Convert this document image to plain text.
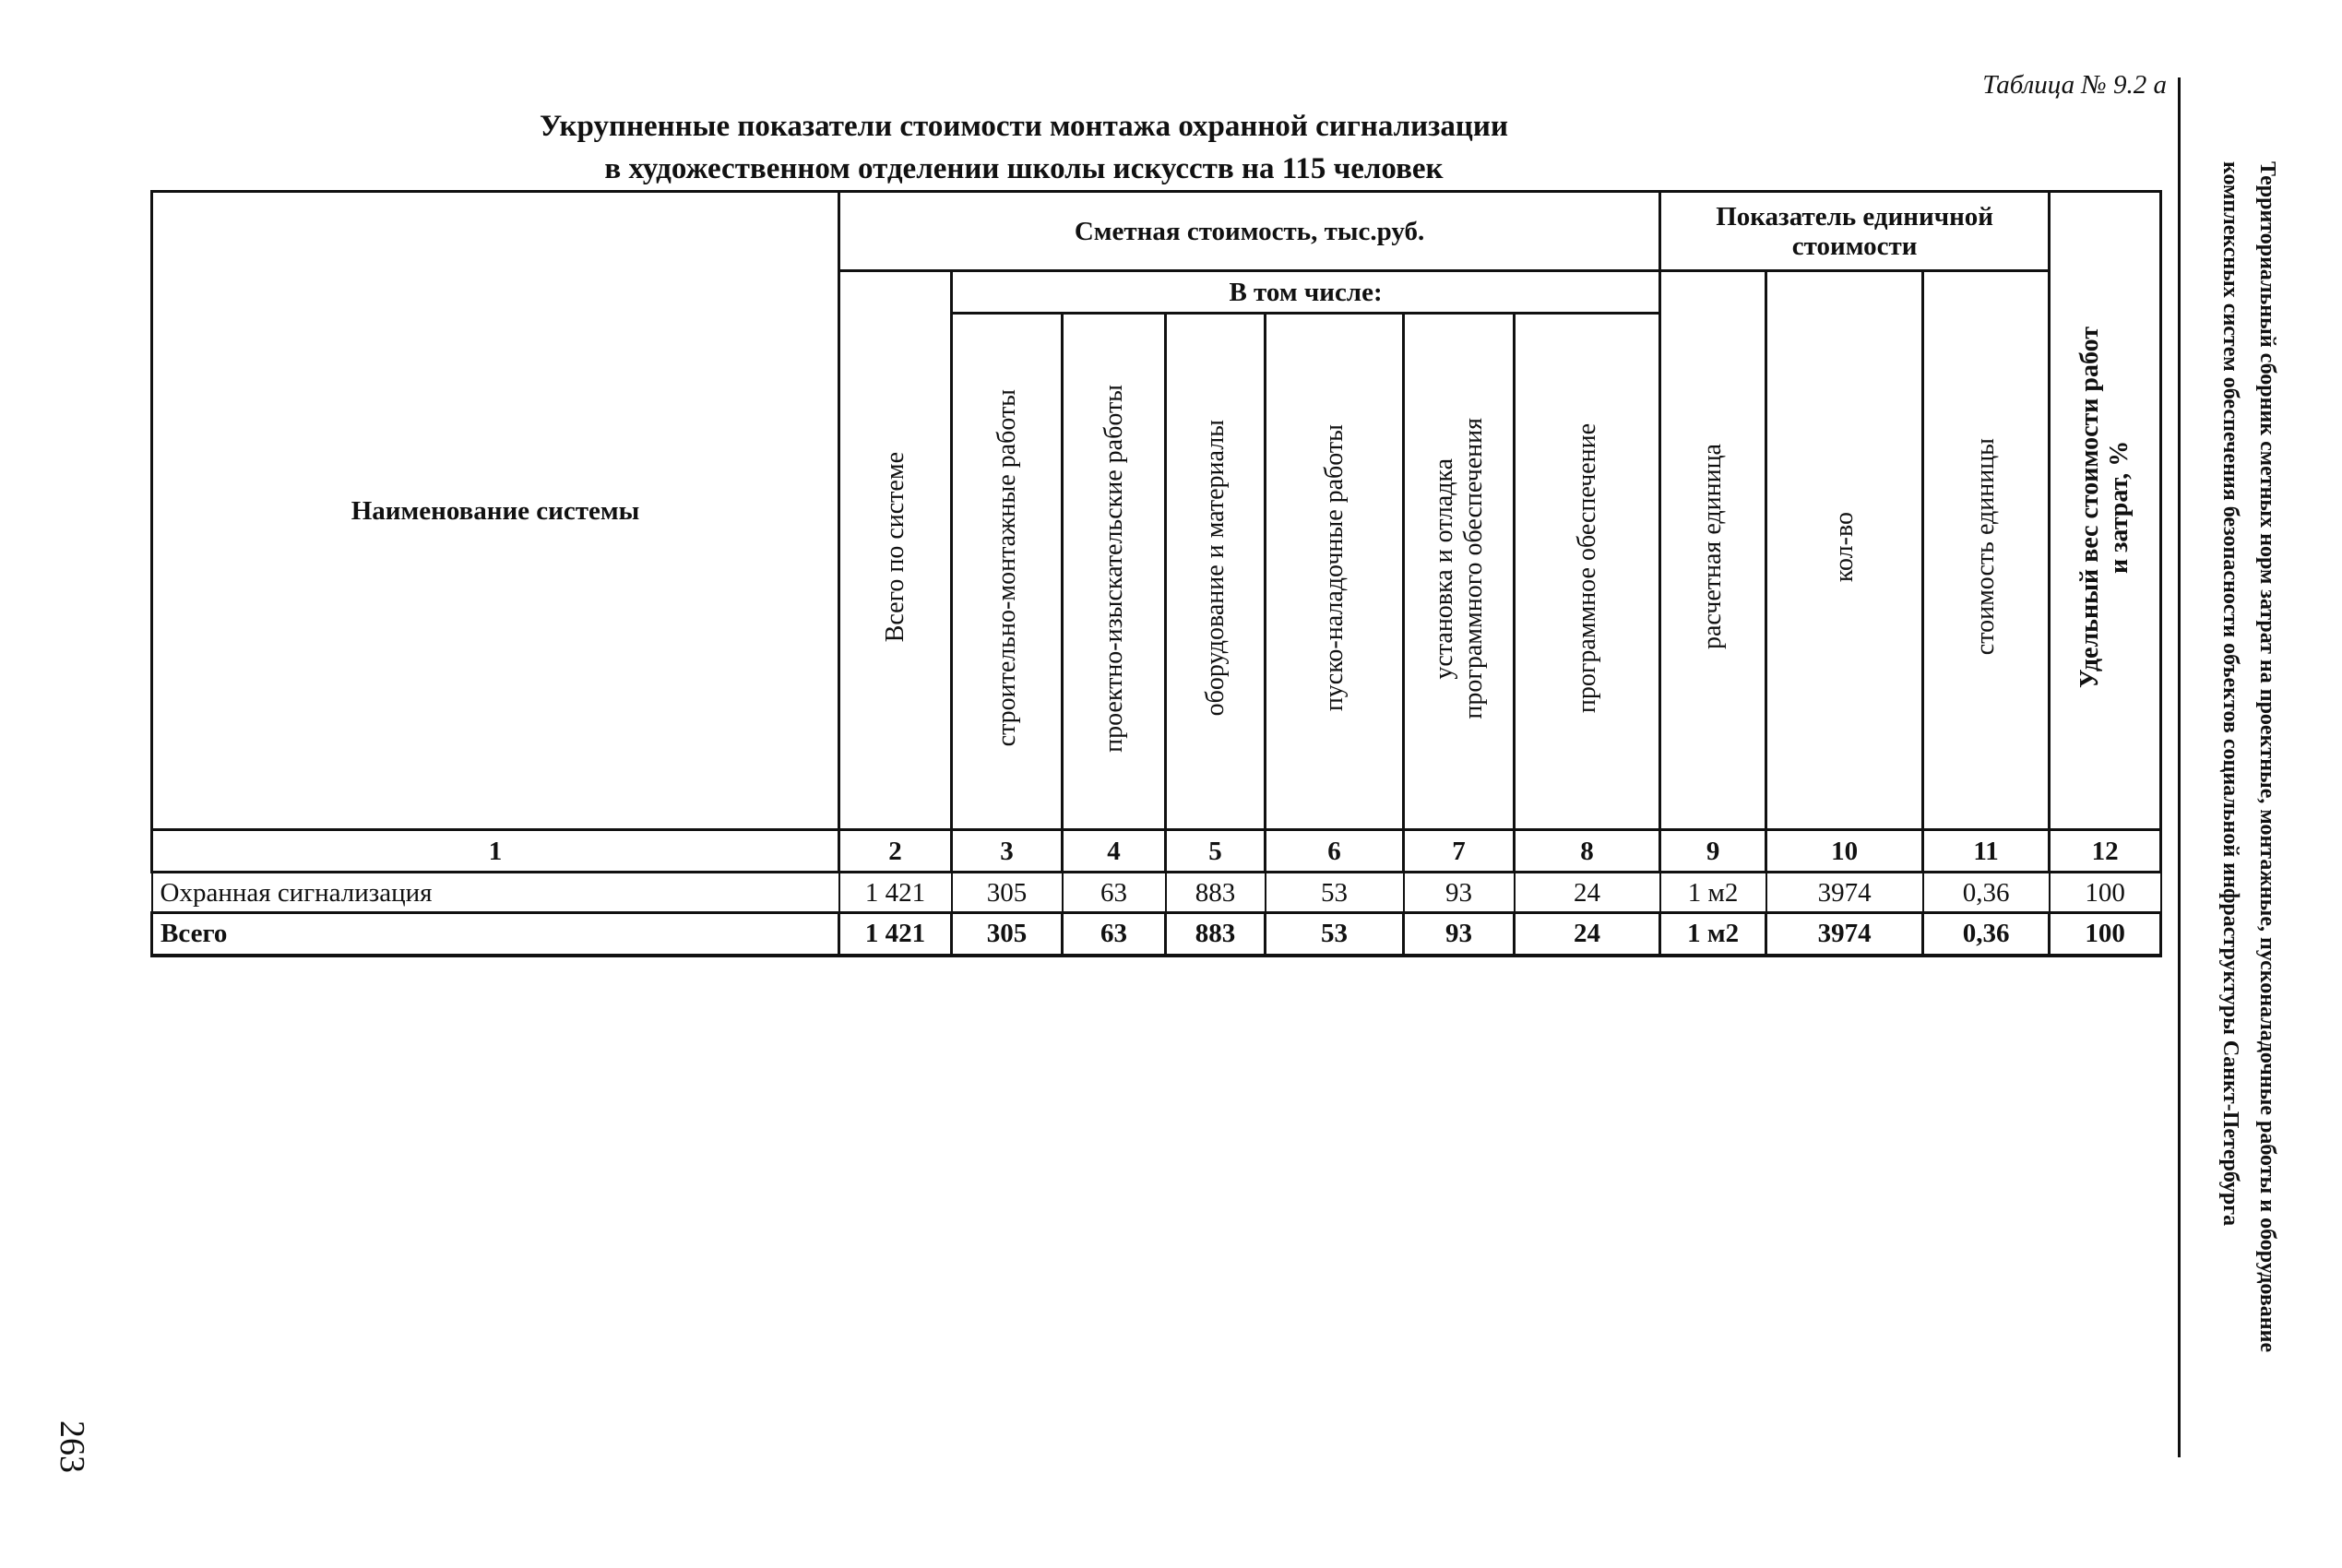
Таблица № 9.2 а
Укрупненные показатели стоимости монтажа охранной сигнализации
в художественном отделении школы искусств на 115 человек
Наименование системы	Сметная стоимость, тыс.руб.							Показатель единичной стоимости			Удельный вес стоимости работ и затрат, %

	Всего по системе	В том числе:						расчетная единица	кол-во	стоимость единицы	
		строительно-монтажные работы	проектно-изыскательские работы	оборудование и материалы	пуско-наладочные работы	установка и отладка программного обеспечения	программное обеспечение				
1	2	3	4	5	6	7	8	9	10	11	12
Охранная сигнализация	1 421	305	63	883	53	93	24	1 м2	3974	0,36	100
Всего	1 421	305	63	883	53	93	24	1 м2	3974	0,36	100	Территориальный сборник сметных норм затрат на проектные, монтажные, пусконаладочные работы и оборудование
комплексных систем обеспечения безопасности объектов социальной инфраструктуры Санкт-Петербурга
263
